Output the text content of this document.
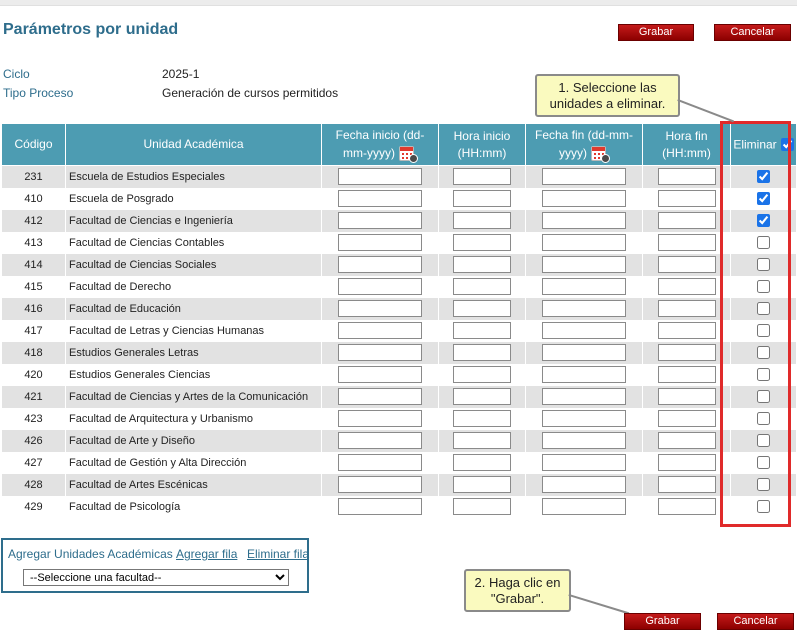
Parámetros por unidad	Grabar	Cancelar
Ciclo	2025-1
Tipo Proceso	Generación de cursos permitidos
Código	Unidad Académica	Fecha inicio (dd-mm-yyyy)	Hora inicio (HH:mm)	Fecha fin (dd-mm-yyyy)	Hora fin (HH:mm)	Eliminar
231	Escuela de Estudios Especiales					
410	Escuela de Posgrado					
412	Facultad de Ciencias e Ingeniería					
413	Facultad de Ciencias Contables					
414	Facultad de Ciencias Sociales					
415	Facultad de Derecho					
416	Facultad de Educación					
417	Facultad de Letras y Ciencias Humanas					
418	Estudios Generales Letras					
420	Estudios Generales Ciencias					
421	Facultad de Ciencias y Artes de la Comunicación					
423	Facultad de Arquitectura y Urbanismo					
426	Facultad de Arte y Diseño					
427	Facultad de Gestión y Alta Dirección					
428	Facultad de Artes Escénicas					
429	Facultad de Psicología					
1. Seleccione las unidades a eliminar.
2. Haga clic en "Grabar".
Agregar Unidades Académicas Agregar fila Eliminar fila
--Seleccione una facultad--
Grabar	Cancelar
